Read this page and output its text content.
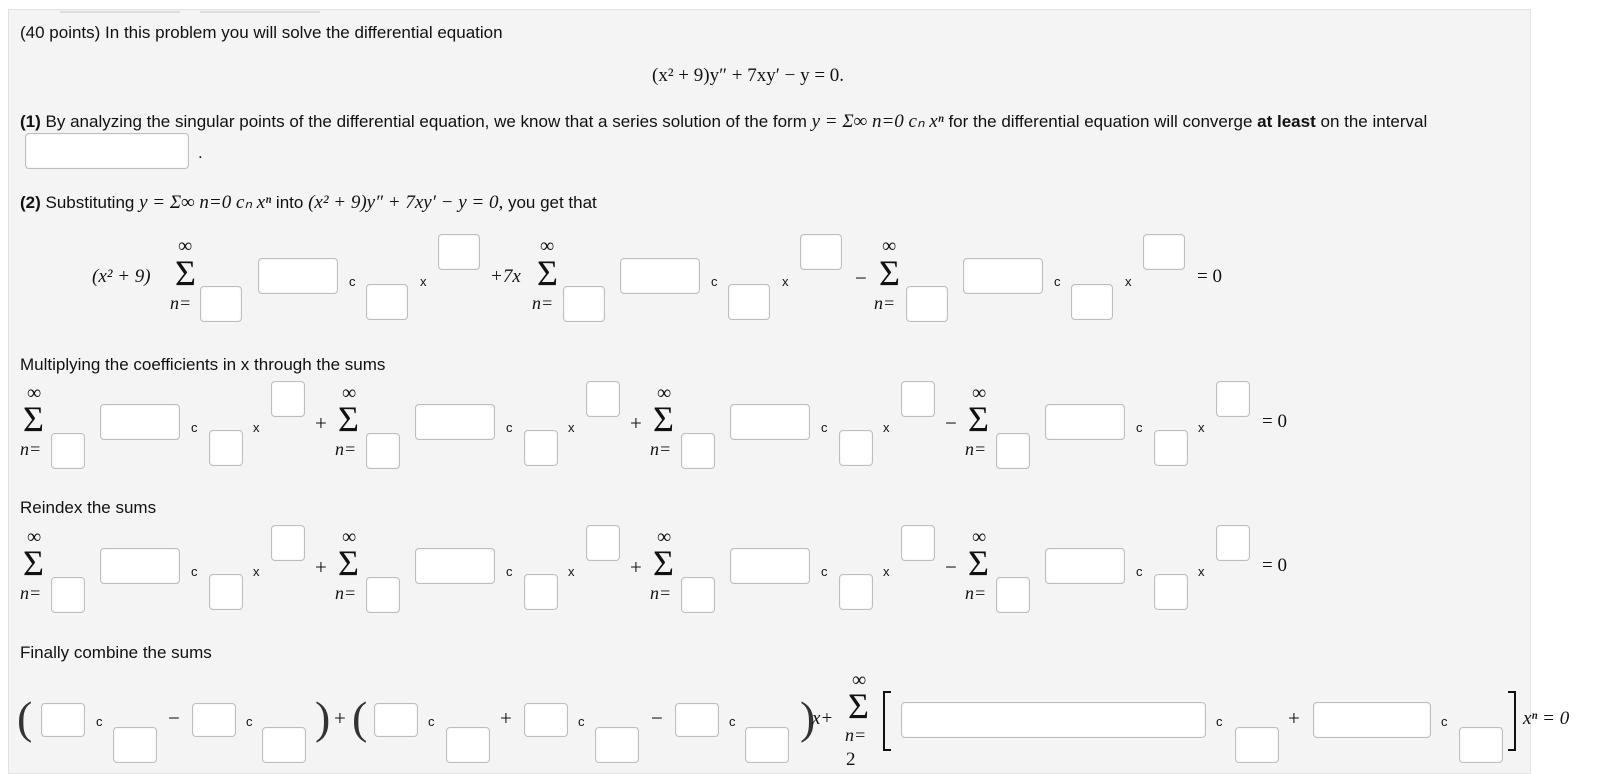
(40 points) In this problem you will solve the differential equation
(x² + 9)y″ + 7xy′ − y = 0.
(1) By analyzing the singular points of the differential equation, we know that a series solution of the form y = Σ∞ n=0 cₙ xⁿ for the differential equation will converge at least on the interval
.
(2) Substituting y = Σ∞ n=0 cₙ xⁿ into (x² + 9)y″ + 7xy′ − y = 0, you get that
(x² + 9)
∞
Σ
n=
c	x	+7x
∞
Σ
n=
c	x	−
∞
Σ
n=
c	x	= 0
Multiplying the coefficients in x through the sums
∞
Σ
n=
c	x	+
∞
Σ
n=
c	x	+
∞
Σ
n=
c	x	−
∞
Σ
n=
c	x	= 0
Reindex the sums
∞
Σ
n=
c	x	+
∞
Σ
n=
c	x	+
∞
Σ
n=
c	x	−
∞
Σ
n=
c	x	= 0
Finally combine the sums
(	c	−	c ) + (	c	+	c	−	c )
x+
∞
Σ
n=
2
c	+	c	xⁿ = 0
